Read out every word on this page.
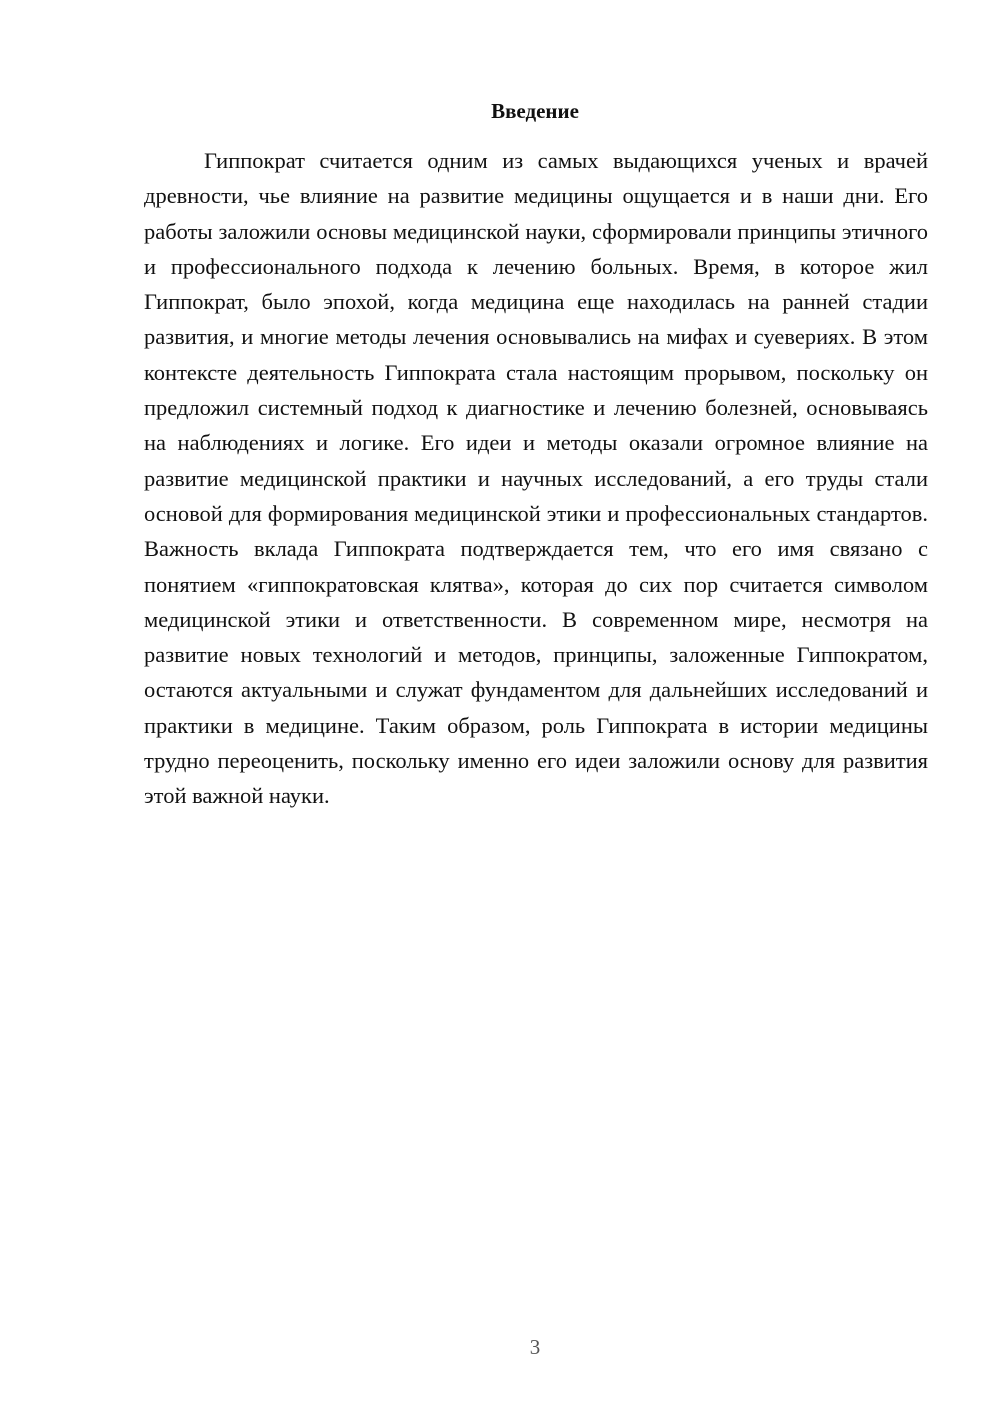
Введение

Гиппократ считается одним из самых выдающихся ученых и врачей древности, чье влияние на развитие медицины ощущается и в наши дни. Его работы заложили основы медицинской науки, сформировали принципы этичного и профессионального подхода к лечению больных. Время, в которое жил Гиппократ, было эпохой, когда медицина еще находилась на ранней стадии развития, и многие методы лечения основывались на мифах и суевериях. В этом контексте деятельность Гиппократа стала настоящим прорывом, поскольку он предложил системный подход к диагностике и лечению болезней, основываясь на наблюдениях и логике. Его идеи и методы оказали огромное влияние на развитие медицинской практики и научных исследований, а его труды стали основой для формирования медицинской этики и профессиональных стандартов. Важность вклада Гиппократа подтверждается тем, что его имя связано с понятием «гиппократовская клятва», которая до сих пор считается символом медицинской этики и ответственности. В современном мире, несмотря на развитие новых технологий и методов, принципы, заложенные Гиппократом, остаются актуальными и служат фундаментом для дальнейших исследований и практики в медицине. Таким образом, роль Гиппократа в истории медицины трудно переоценить, поскольку именно его идеи заложили основу для развития этой важной науки.

3
